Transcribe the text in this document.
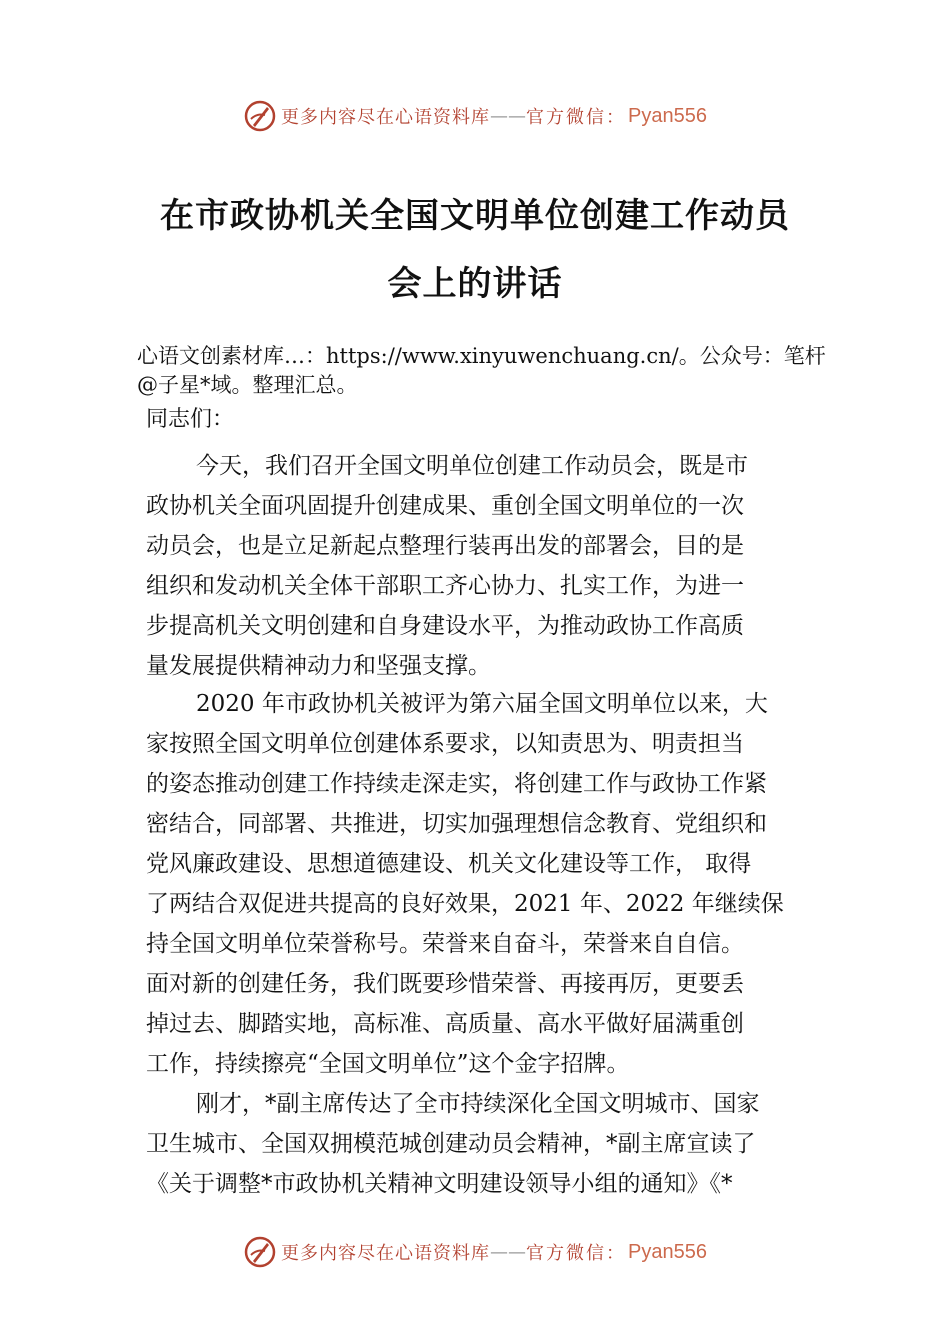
更多内容尽在心语资料库 —— 官方微信 ： Pyan556
在市政协机关全国文明单位创建工作动员
会上的讲话
心语文创素材库…：https://www.xinyuwenchuang.cn/。公众号：笔杆@子星*域。整理汇总。
同志们：
今天，我们召开全国文明单位创建工作动员会，既是市
政协机关全面巩固提升创建成果、重创全国文明单位的一次
动员会，也是立足新起点整理行装再出发的部署会，目的是
组织和发动机关全体干部职工齐心协力、扎实工作，为进一
步提高机关文明创建和自身建设水平，为推动政协工作高质
量发展提供精神动力和坚强支撑。
2020 年市政协机关被评为第六届全国文明单位以来，大
家按照全国文明单位创建体系要求，以知责思为、明责担当
的姿态推动创建工作持续走深走实，将创建工作与政协工作紧
密结合，同部署、共推进，切实加强理想信念教育、党组织和
党风廉政建设、思想道德建设、机关文化建设等工作， 取得
了两结合双促进共提高的良好效果，2021 年、2022 年继续保
持全国文明单位荣誉称号。荣誉来自奋斗，荣誉来自自信。
面对新的创建任务，我们既要珍惜荣誉、再接再厉，更要丢
掉过去、脚踏实地，高标准、高质量、高水平做好届满重创
工作，持续擦亮“全国文明单位”这个金字招牌。
刚才，*副主席传达了全市持续深化全国文明城市、国家
卫生城市、全国双拥模范城创建动员会精神，*副主席宣读了
《关于调整*市政协机关精神文明建设领导小组的通知》《*
更多内容尽在心语资料库 —— 官方微信 ： Pyan556
